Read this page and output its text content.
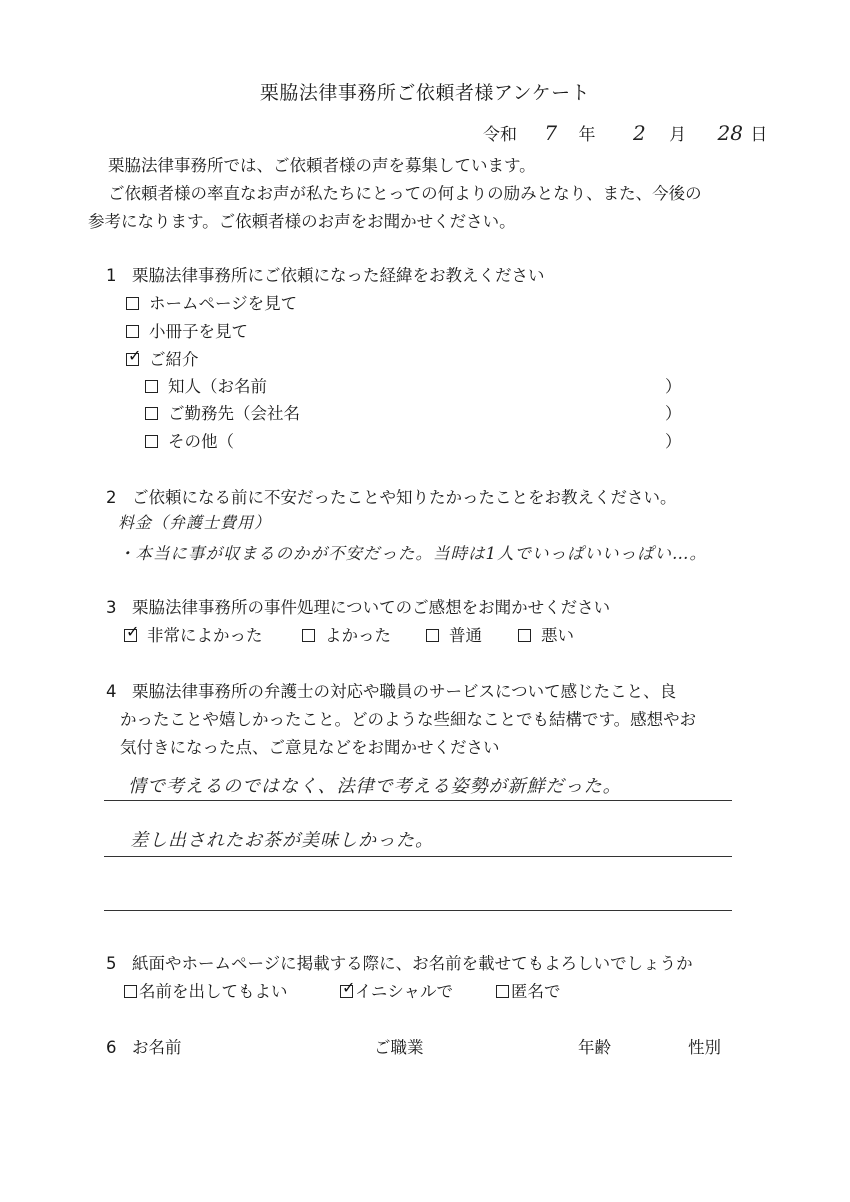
栗脇法律事務所ご依頼者様アンケート
令和 7 年 2 月 28 日
栗脇法律事務所では、ご依頼者様の声を募集しています。
ご依頼者様の率直なお声が私たちにとっての何よりの励みとなり、また、今後の
参考になります。ご依頼者様のお声をお聞かせください。
1 栗脇法律事務所にご依頼になった経緯をお教えください
ホームページを見て
小冊子を見て
✓ ご紹介
知人（お名前	）
ご勤務先（会社名	）
その他（	）
2 ご依頼になる前に不安だったことや知りたかったことをお教えください。
料金（弁護士費用）
・本当に事が収まるのかが不安だった。当時は1人でいっぱいいっぱい…。
3 栗脇法律事務所の事件処理についてのご感想をお聞かせください
✓ 非常によかった	よかった	普通	悪い
4 栗脇法律事務所の弁護士の対応や職員のサービスについて感じたこと、良
かったことや嬉しかったこと。どのような些細なことでも結構です。感想やお
気付きになった点、ご意見などをお聞かせください
情で考えるのではなく、法律で考える姿勢が新鮮だった。
差し出されたお茶が美味しかった。
5 紙面やホームページに掲載する際に、お名前を載せてもよろしいでしょうか
名前を出してもよい	✓ イニシャルで	匿名で
6 お名前	ご職業	年齢	性別
